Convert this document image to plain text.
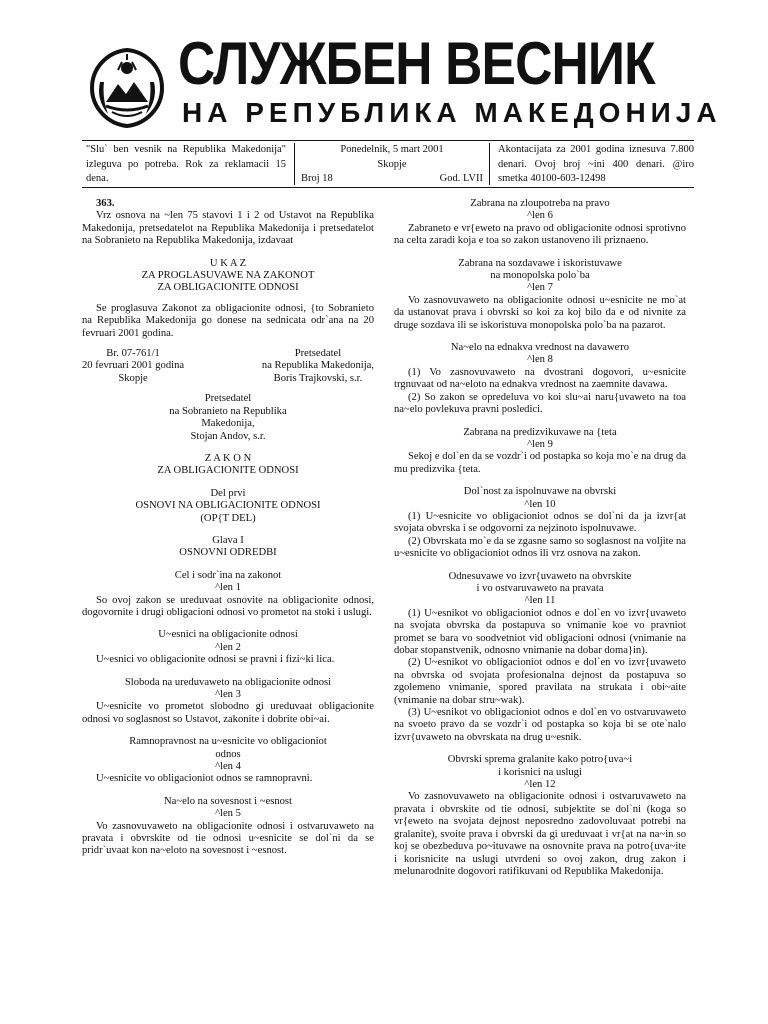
СЛУЖБЕН ВЕСНИК
НА РЕПУБЛИКА МАКЕДОНИЈА
"Slu` ben vesnik na Republika Makedonija" izleguva po potreba. Rok za reklamacii 15 dena.
Ponedelnik, 5 mart 2001
Skopje
Broj 18	God. LVII
Akontacijata za 2001 godina iznesuva 7.800 denari. Ovoj broj ~ini 400 denari. @iro smetka 40100-603-12498

363.

Vrz osnova na ~len 75 stavovi 1 i 2 od Ustavot na Republika Makedonija, pretsedatelot na Republika Makedonija i pretsedatelot na Sobranieto na Republika Makedonija, izdavaat

U K A Z

ZA PROGLASUVAWE NA ZAKONOT

ZA OBLIGACIONITE ODNOSI

Se proglasuva Zakonot za obligacionite odnosi, {to Sobranieto na Republika Makedonija go donese na sednicata odr`ana na 20 fevruari 2001 godina.

Br. 07-761/1
20 fevruari 2001 godina
Skopje
Pretsedatel
na Republika Makedonija,
Boris Trajkovski, s.r.

Pretsedatel

na Sobranieto na Republika

Makedonija,

Stojan Andov, s.r.

Z A K O N

ZA OBLIGACIONITE ODNOSI

Del prvi

OSNOVI NA OBLIGACIONITE ODNOSI

(OP{T DEL)

Glava I

OSNOVNI ODREDBI

Cel i sodr`ina na zakonot

^len 1

So ovoj zakon se ureduvaat osnovite na obligacionite odnosi, dogovornite i drugi obligacioni odnosi vo prometot na stoki i uslugi.

U~esnici na obligacionite odnosi

^len 2

U~esnici vo obligacionite odnosi se pravni i fizi~ki lica.

Sloboda na ureduvaweto na obligacionite odnosi

^len 3

U~esnicite vo prometot slobodno gi ureduvaat obligacionite odnosi vo soglasnost so Ustavot, zakonite i dobrite obi~ai.

Ramnopravnost na u~esnicite vo obligacioniot

odnos

^len 4

U~esnicite vo obligacioniot odnos se ramnopravni.

Na~elo na sovesnost i ~esnost

^len 5

Vo zasnovuvaweto na obligacionite odnosi i ostvaruvaweto na pravata i obvrskite od tie odnosi u~esnicite se dol`ni da se pridr`uvaat kon na~eloto na sovesnost i ~esnost.

Zabrana na zloupotreba na pravo

^len 6

Zabraneto e vr{eweto na pravo od obligacionite odnosi sprotivno na celta zaradi koja e toa so zakon ustanoveno ili priznaeno.

Zabrana na sozdavawe i iskoristuvawe

na monopolska polo`ba

^len 7

Vo zasnovuvaweto na obligacionite odnosi u~esnicite ne mo`at da ustanovat prava i obvrski so koi za koj bilo da e od nivnite za druge sozdava ili se iskoristuva monopolska polo`ba na pazarot.

Na~elo na ednakva vrednost na davawето

^len 8

(1) Vo zasnovuvaweto na dvostrani dogovori, u~esnicite trgnuvaat od na~eloto na ednakva vrednost na zaemnite davawa.

(2) So zakon se opredeluva vo koi slu~ai naru{uvaweto na toa na~elo povlekuva pravni posledici.

Zabrana na predizvikuvawe na {teta

^len 9

Sekoj e dol`en da se vozdr`i od postapka so koja mo`e na drug da mu predizvika {teta.

Dol`nost za ispolnuvawe na obvrski

^len 10

(1) U~esnicite vo obligacioniot odnos se dol`ni da ja izvr{at svojata obvrska i se odgovorni za nejzinoto ispolnuvawe.

(2) Obvrskata mo`e da se zgasne samo so soglasnost na voljite na u~esnicite vo obligacioniot odnos ili vrz osnova na zakon.

Odnesuvawe vo izvr{uvaweto na obvrskite

i vo ostvaruvaweto na pravata

^len 11

(1) U~esnikot vo obligacioniot odnos e dol`en vo izvr{uvaweto na svojata obvrska da postapuva so vnimanie koe vo pravniot promet se bara vo soodvetniot vid obligacioni odnosi (vnimanie na dobar stopanstvenik, odnosno vnimanie na dobar doma}in).

(2) U~esnikot vo obligacioniot odnos e dol`en vo izvr{uvaweto na obvrska od svojata profesionalna dejnost da postapuva so zgolemeno vnimanie, spored pravilata na strukata i obi~aite (vnimanie na dobar stru~wak).

(3) U~esnikot vo obligacioniot odnos e dol`en vo ostvaruvaweto na svoeto pravo da se vozdr`i od postapka so koja bi se ote`nalo izvr{uvaweto na obvrskata na drug u~esnik.

Obvrski sprema gralanite kako potro{uva~i

i korisnici na uslugi

^len 12

Vo zasnovuvaweto na obligacionite odnosi i ostvaruvaweto na pravata i obvrskite od tie odnosi, subjektite se dol`ni (koga so vr{eweto na svojata dejnost neposredno zadovoluvaat potrebi na gralanite), svoite prava i obvrski da gi ureduvaat i vr{at na na~in so koj se obezbeduva po~ituvawe na osnovnite prava na potro{uva~ite i korisnicite na uslugi utvrdeni so ovoj zakon, drug zakon i melunarodnite dogovori ratifikuvani od Republika Makedonija.
